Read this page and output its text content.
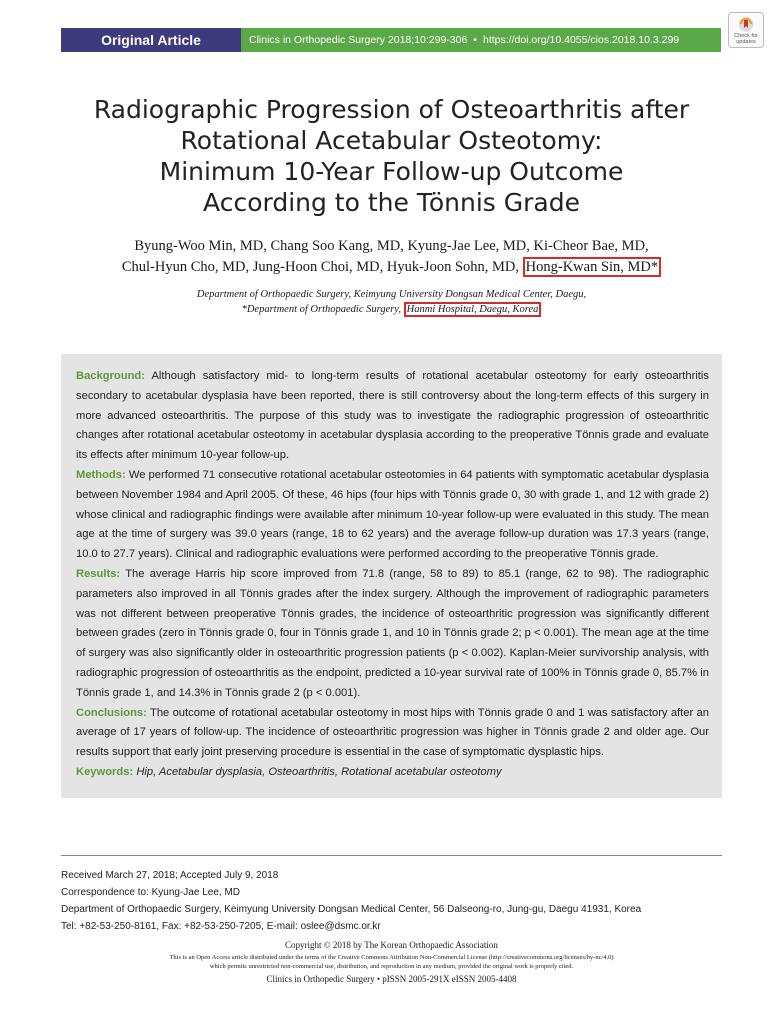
Original Article	Clinics in Orthopedic Surgery 2018;10:299-306 • https://doi.org/10.4055/cios.2018.10.3.299	Check for
updates
Radiographic Progression of Osteoarthritis after
Rotational Acetabular Osteotomy:
Minimum 10-Year Follow-up Outcome
According to the Tönnis Grade
Byung-Woo Min, MD, Chang Soo Kang, MD, Kyung-Jae Lee, MD, Ki-Cheor Bae, MD,
Chul-Hyun Cho, MD, Jung-Hoon Choi, MD, Hyuk-Joon Sohn, MD, Hong-Kwan Sin, MD*
Department of Orthopaedic Surgery, Keimyung University Dongsan Medical Center, Daegu,
*Department of Orthopaedic Surgery, Hanmi Hospital, Daegu, Korea

Background: Although satisfactory mid- to long-term results of rotational acetabular osteotomy for early osteoarthritis secondary to acetabular dysplasia have been reported, there is still controversy about the long-term effects of this surgery in more advanced osteoarthritis. The purpose of this study was to investigate the radiographic progression of osteoarthritic changes after rotational acetabular osteotomy in acetabular dysplasia according to the preoperative Tönnis grade and evaluate its effects after minimum 10-year follow-up.

Methods: We performed 71 consecutive rotational acetabular osteotomies in 64 patients with symptomatic acetabular dysplasia between November 1984 and April 2005. Of these, 46 hips (four hips with Tönnis grade 0, 30 with grade 1, and 12 with grade 2) whose clinical and radiographic findings were available after minimum 10-year follow-up were evaluated in this study. The mean age at the time of surgery was 39.0 years (range, 18 to 62 years) and the average follow-up duration was 17.3 years (range, 10.0 to 27.7 years). Clinical and radiographic evaluations were performed according to the preoperative Tönnis grade.

Results: The average Harris hip score improved from 71.8 (range, 58 to 89) to 85.1 (range, 62 to 98). The radiographic parameters also improved in all Tönnis grades after the index surgery. Although the improvement of radiographic parameters was not different between preoperative Tönnis grades, the incidence of osteoarthritic progression was significantly different between grades (zero in Tönnis grade 0, four in Tönnis grade 1, and 10 in Tönnis grade 2; p < 0.001). The mean age at the time of surgery was also significantly older in osteoarthritic progression patients (p < 0.002). Kaplan-Meier survivorship analysis, with radiographic progression of osteoarthritis as the endpoint, predicted a 10-year survival rate of 100% in Tönnis grade 0, 85.7% in Tönnis grade 1, and 14.3% in Tönnis grade 2 (p < 0.001).

Conclusions: The outcome of rotational acetabular osteotomy in most hips with Tönnis grade 0 and 1 was satisfactory after an average of 17 years of follow-up. The incidence of osteoarthritic progression was higher in Tönnis grade 2 and older age. Our results support that early joint preserving procedure is essential in the case of symptomatic dysplastic hips.

Keywords: Hip, Acetabular dysplasia, Osteoarthritis, Rotational acetabular osteotomy

Received March 27, 2018; Accepted July 9, 2018
Correspondence to: Kyung-Jae Lee, MD
Department of Orthopaedic Surgery, Keimyung University Dongsan Medical Center, 56 Dalseong-ro, Jung-gu, Daegu 41931, Korea
Tel: +82-53-250-8161, Fax: +82-53-250-7205, E-mail: oslee@dsmc.or.kr
Copyright © 2018 by The Korean Orthopaedic Association
This is an Open Access article distributed under the terms of the Creative Commons Attribution Non-Commercial License (http://creativecommons.org/licenses/by-nc/4.0)
which permits unrestricted non-commercial use, distribution, and reproduction in any medium, provided the original work is properly cited.
Clinics in Orthopedic Surgery • pISSN 2005-291X eISSN 2005-4408
